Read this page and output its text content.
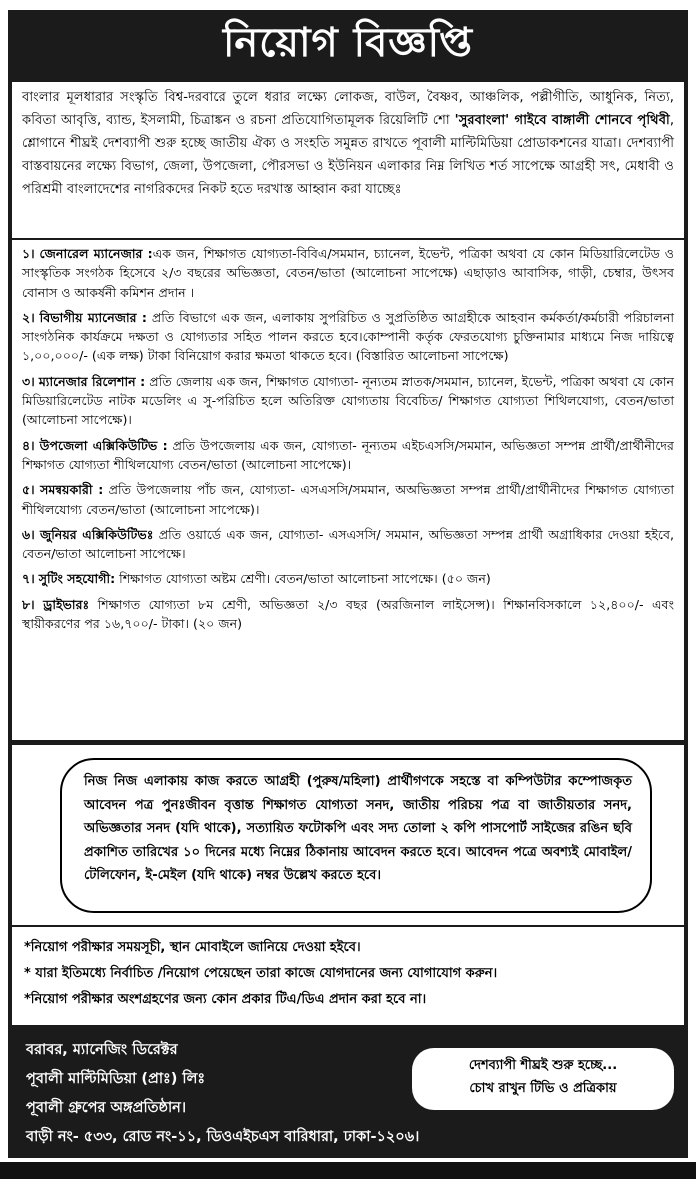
নিয়োগ বিজ্ঞপ্তি
বাংলার মূলধারার সংস্কৃতি বিশ্ব-দরবারে তুলে ধরার লক্ষ্যে লোকজ, বাউল, বৈষ্ণব, আঞ্চলিক, পল্লীগীতি, আধুনিক, নিত্য, কবিতা আবৃত্তি, ব্যান্ড, ইসলামী, চিত্রাঙ্কন ও রচনা প্রতিযোগিতামূলক রিয়েলিটি শো 'সুরবাংলা' গাইবে বাঙ্গালী শোনবে পৃথিবী, শ্লোগানে শীঘ্রই দেশব্যাপী শুরু হচ্ছে জাতীয় ঐক্য ও সংহতি সমুন্নত রাখতে পূবালী মাল্টিমিডিয়া প্রোডাকশনের যাত্রা। দেশব্যাপী বাস্তবায়নের লক্ষ্যে বিভাগ, জেলা, উপজেলা, পৌরসভা ও ইউনিয়ন এলাকার নিম্ন লিখিত শর্ত সাপেক্ষে আগ্রহী সৎ, মেধাবী ও পরিশ্রমী বাংলাদেশের নাগরিকদের নিকট হতে দরখাস্ত আহ্বান করা যাচ্ছেঃ
১। জেনারেল ম্যানেজার :এক জন, শিক্ষাগত যোগ্যতা-বিবিএ/সমমান, চ্যানেল, ইভেন্ট, পত্রিকা অথবা যে কোন মিডিয়ারিলেটেড ও সাংস্কৃতিক সংগঠক হিসেবে ২/৩ বছরের অভিজ্ঞতা, বেতন/ভাতা (আলোচনা সাপেক্ষে) এছাড়াও আবাসিক, গাড়ী, চেম্বার, উৎসব বোনাস ও আকর্ষনী কমিশন প্রদান ।
২। বিভাগীয় ম্যানেজার : প্রতি বিভাগে এক জন, এলাকায় সুপরিচিত ও সুপ্রতিষ্ঠিত আগ্রহীকে আহবান কর্মকর্তা/কর্মচারী পরিচালনা সাংগঠনিক কার্যক্রমে দক্ষতা ও যোগ্যতার সহিত পালন করতে হবে।কোম্পানী কর্তৃক ফেরতযোগ্য চুক্তিনামার মাধ্যমে নিজ দায়িত্বে ১,০০,০০০/- (এক লক্ষ) টাকা বিনিয়োগ করার ক্ষমতা থাকতে হবে। (বিস্তারিত আলোচনা সাপেক্ষে)
৩। ম্যানেজার রিলেশান : প্রতি জেলায় এক জন, শিক্ষাগত যোগ্যতা- নূন্যতম স্নাতক/সমমান, চ্যানেল, ইভেন্ট, পত্রিকা অথবা যে কোন মিডিয়ারিলেটেড নাটক মডেলিং এ সু-পরিচিত হলে অতিরিক্ত যোগ্যতায় বিবেচিত/ শিক্ষাগত যোগ্যতা শিথিলযোগ্য, বেতন/ভাতা (আলোচনা সাপেক্ষে)।
৪। উপজেলা এক্সিকিউটিভ : প্রতি উপজেলায় এক জন, যোগ্যতা- নূন্যতম এইচএসসি/সমমান, অভিজ্ঞতা সম্পন্ন প্রার্থী/প্রার্থীনীদের শিক্ষাগত যোগ্যতা শীথিলযোগ্য বেতন/ভাতা (আলোচনা সাপেক্ষে)।
৫। সমন্বয়কারী : প্রতি উপজেলায় পাঁচ জন, যোগ্যতা- এসএসসি/সমমান, অঅভিজ্ঞতা সম্পন্ন প্রার্থী/প্রার্থীনীদের শিক্ষাগত যোগ্যতা শীথিলযোগ্য বেতন/ভাতা (আলোচনা সাপেক্ষে)।
৬। জুনিয়র এক্সিকিউটিভঃ প্রতি ওয়ার্ডে এক জন, যোগ্যতা- এসএসসি/ সমমান, অভিজ্ঞতা সম্পন্ন প্রার্থী অগ্রাধিকার দেওয়া হইবে, বেতন/ভাতা আলোচনা সাপেক্ষে।
৭। সুটিং সহযোগী: শিক্ষাগত যোগ্যতা অষ্টম শ্রেণী। বেতন/ভাতা আলোচনা সাপেক্ষে। (৫০ জন)
৮। ড্রাইভারঃ শিক্ষাগত যোগ্যতা ৮ম শ্রেণী, অভিজ্ঞতা ২/৩ বছর (অরজিনাল লাইসেন্স)। শিক্ষানবিসকালে ১২,৪০০/- এবং স্থায়ীকরণের পর ১৬,৭০০/- টাকা। (২০ জন)
নিজ নিজ এলাকায় কাজ করতে আগ্রহী (পুরুষ/মহিলা) প্রার্থীগণকে সহস্তে বা কম্পিউটার কম্পোজকৃত আবেদন পত্র পুনঃজীবন বৃত্তান্ত শিক্ষাগত যোগ্যতা সনদ, জাতীয় পরিচয় পত্র বা জাতীয়তার সনদ, অভিজ্ঞতার সনদ (যদি থাকে), সত্যায়িত ফটোকপি এবং সদ্য তোলা ২ কপি পাসপোর্ট সাইজের রঙিন ছবি প্রকাশিত তারিখের ১০ দিনের মধ্যে নিম্নের ঠিকানায় আবেদন করতে হবে। আবেদন পত্রে অবশ্যই মোবাইল/টেলিফোন, ই-মেইল (যদি থাকে) নম্বর উল্লেখ করতে হবে।
*নিয়োগ পরীক্ষার সময়সূচী, স্থান মোবাইলে জানিয়ে দেওয়া হইবে।
* যারা ইতিমধ্যে নির্বাচিত /নিয়োগ পেয়েছেন তারা কাজে যোগদানের জন্য যোগাযোগ করুন।
*নিয়োগ পরীক্ষার অংশগ্রহণের জন্য কোন প্রকার টিএ/ডিএ প্রদান করা হবে না।
বরাবর, ম্যানেজিং ডিরেক্টর
পূবালী মাল্টিমিডিয়া (প্রাঃ) লিঃ
পূবালী গ্রুপের অঙ্গপ্রতিষ্ঠান।
বাড়ী নং- ৫৩৩, রোড নং-১১, ডিওএইচএস বারিধারা, ঢাকা-১২০৬।
দেশব্যাপী শীঘ্রই শুরু হচ্ছে...
চোখ রাখুন টিভি ও প্রত্রিকায়
